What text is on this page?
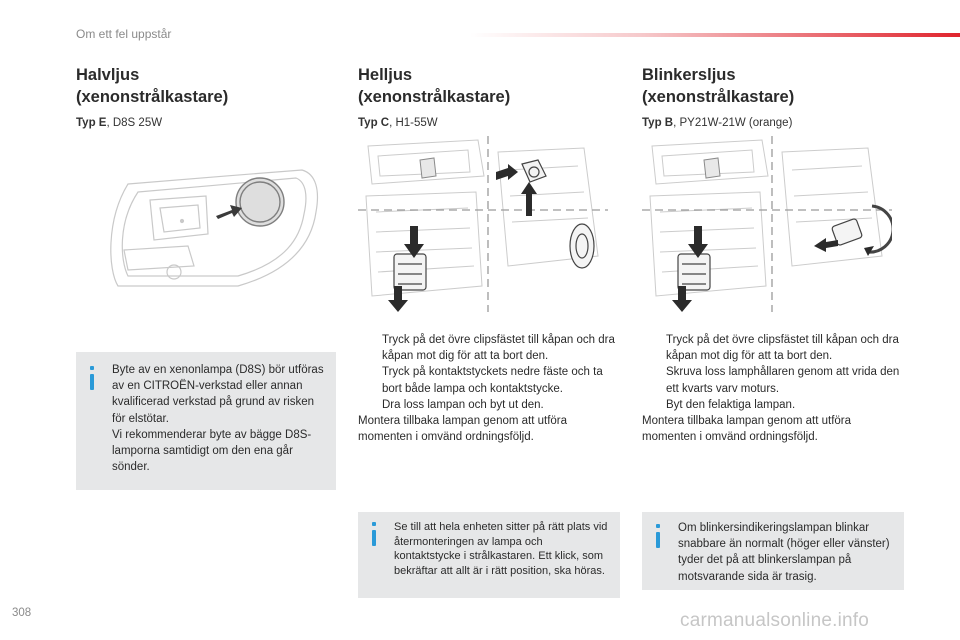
Om ett fel uppstår
Halvljus
(xenonstrålkastare)
Typ E, D8S 25W
Helljus
(xenonstrålkastare)
Typ C, H1-55W
Blinkersljus
(xenonstrålkastare)
Typ B, PY21W-21W (orange)
Tryck på det övre clipsfästet till kåpan och dra kåpan mot dig för att ta bort den.
Tryck på kontaktstyckets nedre fäste och ta bort både lampa och kontaktstycke.
Dra loss lampan och byt ut den.

Montera tillbaka lampan genom att utföra momenten i omvänd ordningsföljd.

Tryck på det övre clipsfästet till kåpan och dra kåpan mot dig för att ta bort den.
Skruva loss lamphållaren genom att vrida den ett kvarts varv moturs.
Byt den felaktiga lampan.

Montera tillbaka lampan genom att utföra momenten i omvänd ordningsföljd.

Byte av en xenonlampa (D8S) bör utföras av en CITROËN-verkstad eller annan kvalificerad verkstad på grund av risken för elstötar.
Vi rekommenderar byte av bägge D8S-lamporna samtidigt om den ena går sönder.
Se till att hela enheten sitter på rätt plats vid återmonteringen av lampa och kontaktstycke i strålkastaren. Ett klick, som bekräftar att allt är i rätt position, ska höras.
Om blinkersindikeringslampan blinkar snabbare än normalt (höger eller vänster) tyder det på att blinkerslampan på motsvarande sida är trasig.
308	carmanualsonline.info
